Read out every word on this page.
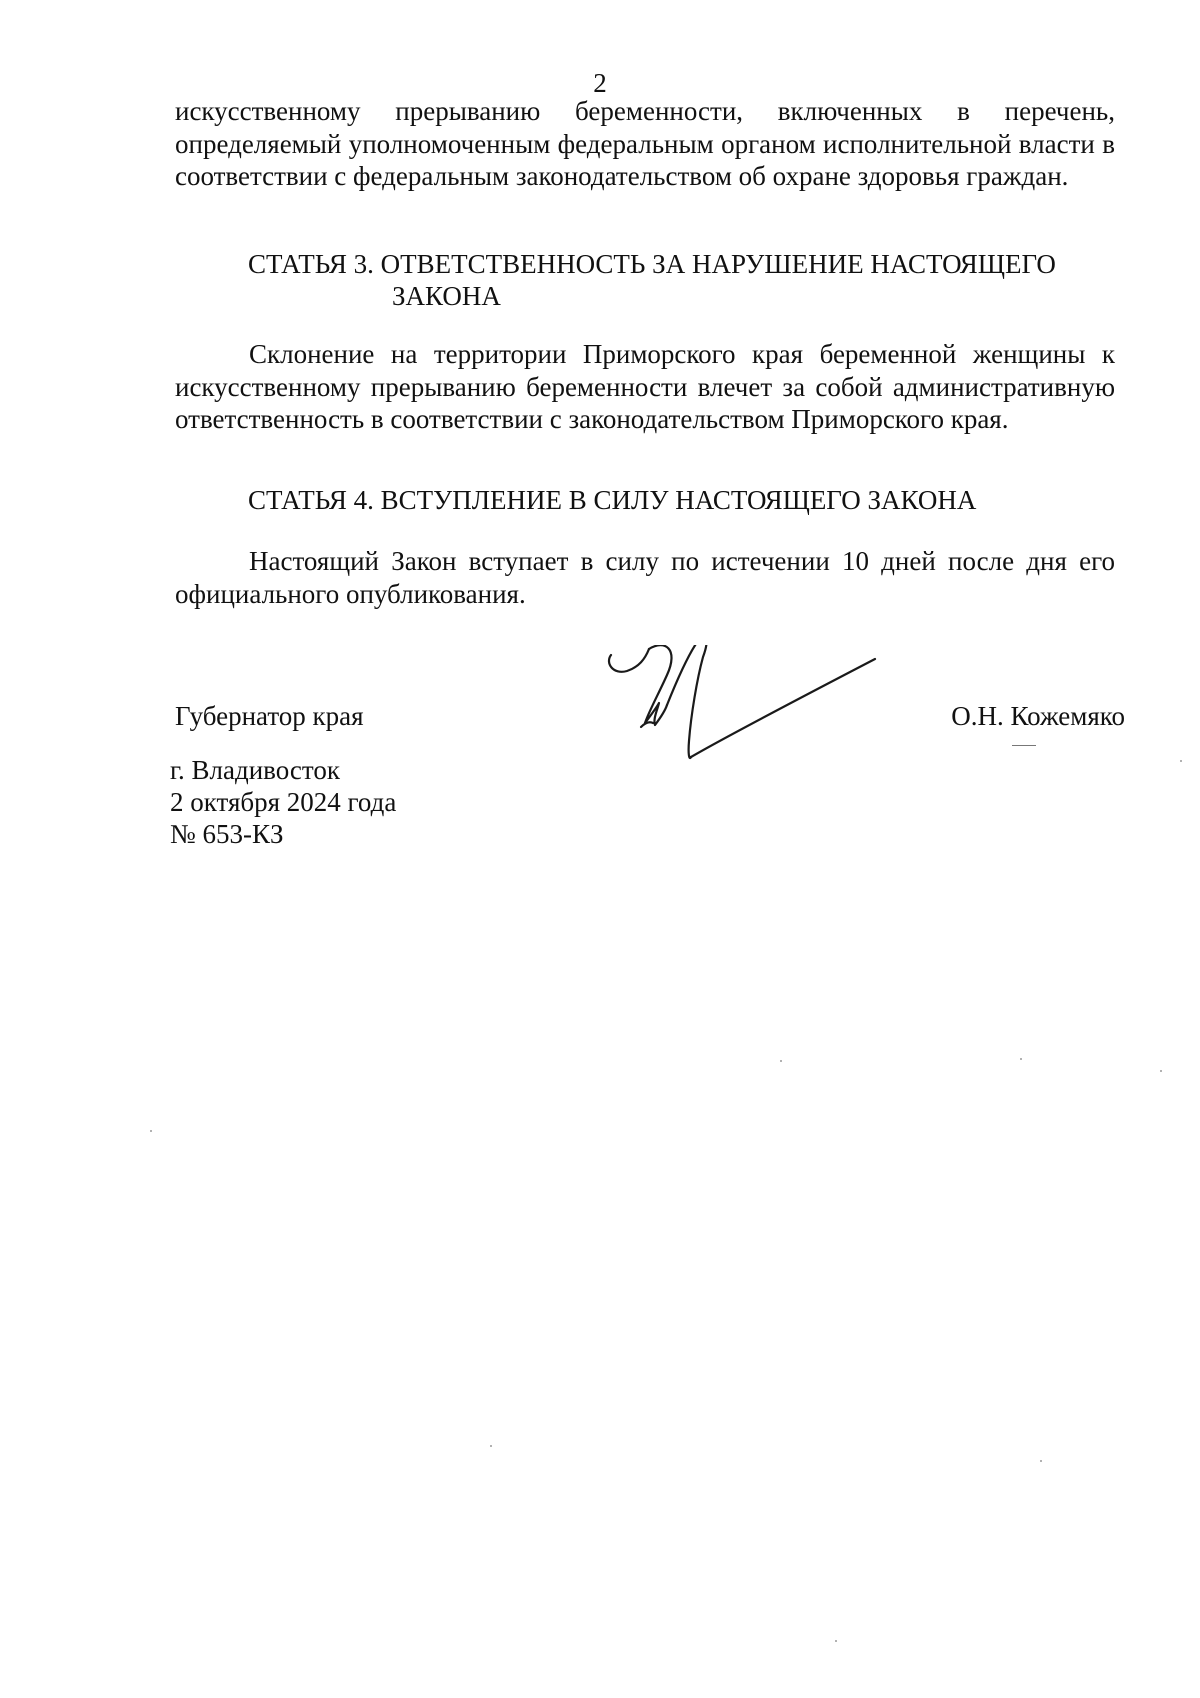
2
искусственному прерыванию беременности, включенных в перечень, определяемый уполномоченным федеральным органом исполнительной власти в соответствии с федеральным законодательством об охране здоровья граждан.
СТАТЬЯ 3. ОТВЕТСТВЕННОСТЬ ЗА НАРУШЕНИЕ НАСТОЯЩЕГО
ЗАКОНА
Склонение на территории Приморского края беременной женщины к искусственному прерыванию беременности влечет за собой административную ответственность в соответствии с законодательством Приморского края.
СТАТЬЯ 4. ВСТУПЛЕНИЕ В СИЛУ НАСТОЯЩЕГО ЗАКОНА
Настоящий Закон вступает в силу по истечении 10 дней после дня его официального опубликования.
Губернатор края	О.Н. Кожемяко
г. Владивосток
2 октября 2024 года
№ 653-КЗ
